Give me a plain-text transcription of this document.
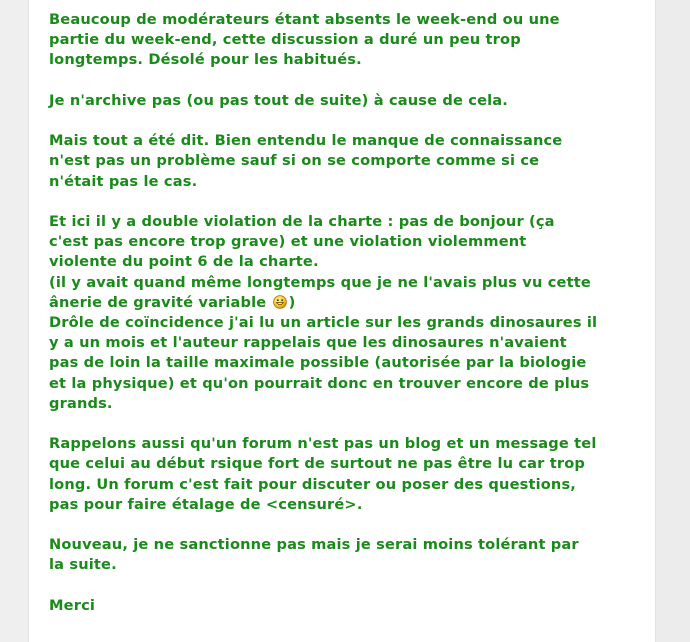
Beaucoup de modérateurs étant absents le week-end ou une
partie du week-end, cette discussion a duré un peu trop
longtemps. Désolé pour les habitués.

Je n'archive pas (ou pas tout de suite) à cause de cela.

Mais tout a été dit. Bien entendu le manque de connaissance
n'est pas un problème sauf si on se comporte comme si ce
n'était pas le cas.

Et ici il y a double violation de la charte : pas de bonjour (ça
c'est pas encore trop grave) et une violation violemment
violente du point 6 de la charte.
(il y avait quand même longtemps que je ne l'avais plus vu cette
ânerie de gravité variable )
Drôle de coïncidence j'ai lu un article sur les grands dinosaures il
y a un mois et l'auteur rappelais que les dinosaures n'avaient
pas de loin la taille maximale possible (autorisée par la biologie
et la physique) et qu'on pourrait donc en trouver encore de plus
grands.

Rappelons aussi qu'un forum n'est pas un blog et un message tel
que celui au début rsique fort de surtout ne pas être lu car trop
long. Un forum c'est fait pour discuter ou poser des questions,
pas pour faire étalage de <censuré>.

Nouveau, je ne sanctionne pas mais je serai moins tolérant par
la suite.

Merci
